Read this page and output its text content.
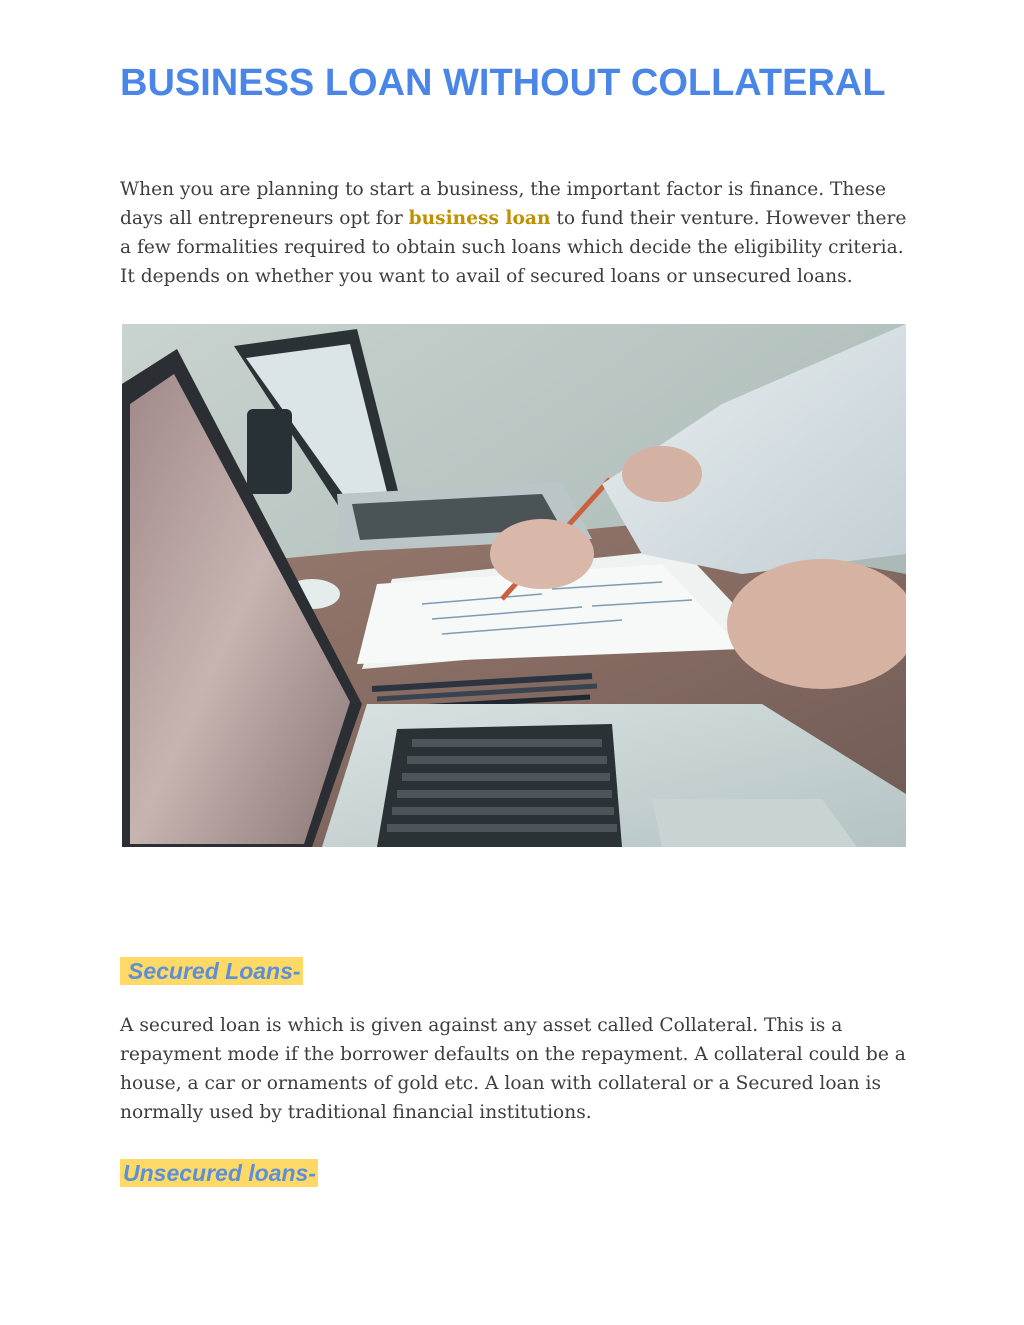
BUSINESS LOAN WITHOUT COLLATERAL

When you are planning to start a business, the important factor is finance. These days all entrepreneurs opt for business loan to fund their venture. However there a few formalities required to obtain such loans which decide the eligibility criteria. It depends on whether you want to avail of secured loans or unsecured loans.

Secured Loans-

A secured loan is which is given against any asset called Collateral. This is a repayment mode if the borrower defaults on the repayment. A collateral could be a house, a car or ornaments of gold etc. A loan with collateral or a Secured loan is normally used by traditional financial institutions.

Unsecured loans-
